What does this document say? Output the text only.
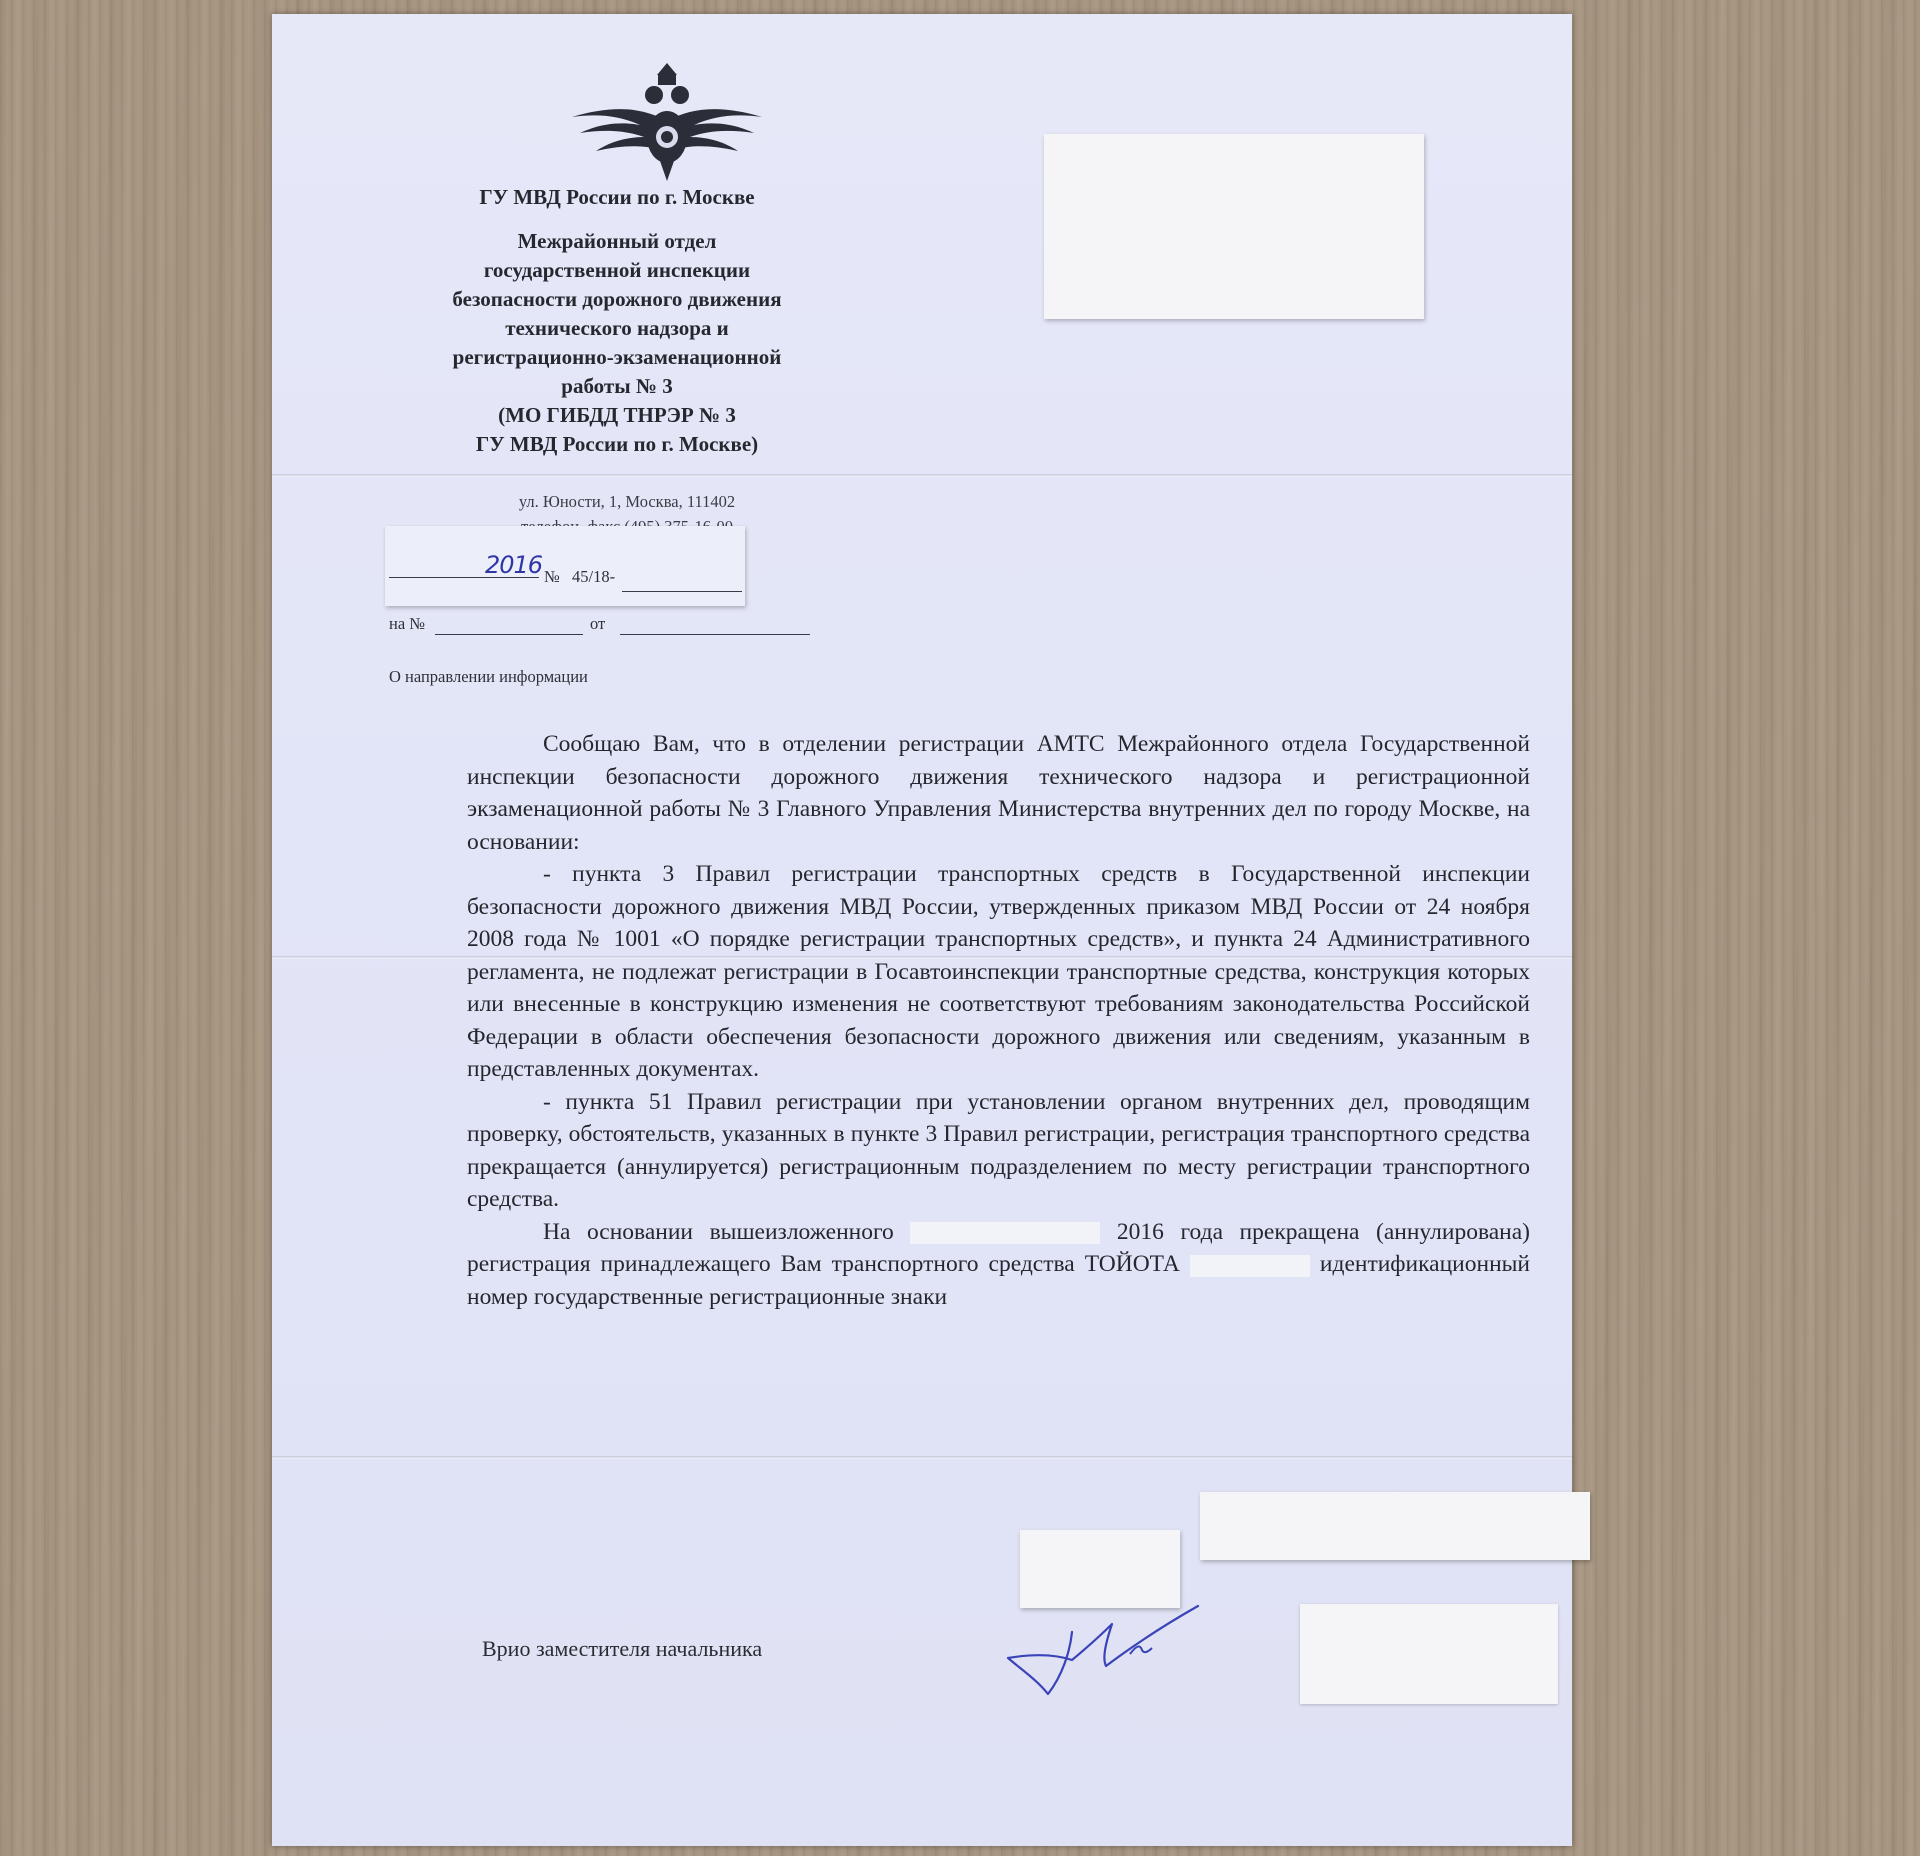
ГУ МВД России по г. Москве
Межрайонный отдел
государственной инспекции
безопасности дорожного движения
технического надзора и
регистрационно-экзаменационной
работы № 3
(МО ГИБДД ТНРЭР № 3
ГУ МВД России по г. Москве)
ул. Юности, 1, Москва, 111402
2016 № 45/18-
на №	от
О направлении информации

Сообщаю Вам, что в отделении регистрации АМТС Межрайонного отдела Государственной инспекции безопасности дорожного движения технического надзора и регистрационной экзаменационной работы № 3 Главного Управления Министерства внутренних дел по городу Москве, на основании:

- пункта 3 Правил регистрации транспортных средств в Государственной инспекции безопасности дорожного движения МВД России, утвержденных приказом МВД России от 24 ноября 2008 года № 1001 «О порядке регистрации транспортных средств», и пункта 24 Административного регламента, не подлежат регистрации в Госавтоинспекции транспортные средства, конструкция которых или внесенные в конструкцию изменения не соответствуют требованиям законодательства Российской Федерации в области обеспечения безопасности дорожного движения или сведениям, указанным в представленных документах.

- пункта 51 Правил регистрации при установлении органом внутренних дел, проводящим проверку, обстоятельств, указанных в пункте 3 Правил регистрации, регистрация транспортного средства прекращается (аннулируется) регистрационным подразделением по месту регистрации транспортного средства.

На основании вышеизложенного	2016 года прекращена (аннулирована) регистрация принадлежащего Вам транспортного средства ТОЙОТА	идентификационный номер государственные регистрационные знаки

Врио заместителя начальника
